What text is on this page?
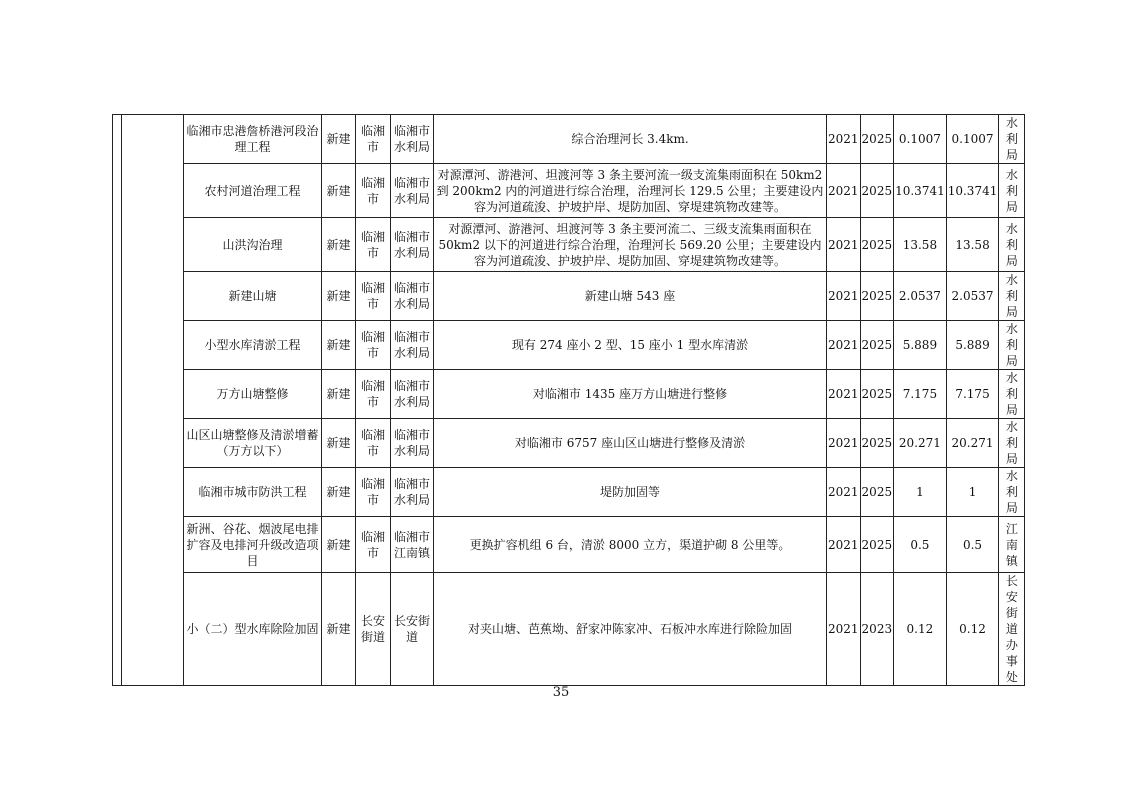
		临湘市忠港詹桥港河段治理工程	新建	临湘市	临湘市水利局	综合治理河长 3.4km.	2021	2025	0.1007	0.1007	水利局
		农村河道治理工程	新建	临湘市	临湘市水利局	对源潭河、游港河、坦渡河等 3 条主要河流一级支流集雨面积在 50km2 到 200km2 内的河道进行综合治理，治理河长 129.5 公里；主要建设内容为河道疏浚、护坡护岸、堤防加固、穿堤建筑物改建等。	2021	2025	10.3741	10.3741	水利局
		山洪沟治理	新建	临湘市	临湘市水利局	对源潭河、游港河、坦渡河等 3 条主要河流二、三级支流集雨面积在 50km2 以下的河道进行综合治理，治理河长 569.20 公里；主要建设内容为河道疏浚、护坡护岸、堤防加固、穿堤建筑物改建等。	2021	2025	13.58	13.58	水利局
		新建山塘	新建	临湘市	临湘市水利局	新建山塘 543 座	2021	2025	2.0537	2.0537	水利局
		小型水库清淤工程	新建	临湘市	临湘市水利局	现有 274 座小 2 型、15 座小 1 型水库清淤	2021	2025	5.889	5.889	水利局
		万方山塘整修	新建	临湘市	临湘市水利局	对临湘市 1435 座万方山塘进行整修	2021	2025	7.175	7.175	水利局
		山区山塘整修及清淤增蓄（万方以下）	新建	临湘市	临湘市水利局	对临湘市 6757 座山区山塘进行整修及清淤	2021	2025	20.271	20.271	水利局
		临湘市城市防洪工程	新建	临湘市	临湘市水利局	堤防加固等	2021	2025	1	1	水利局
		新洲、谷花、烟波尾电排扩容及电排河升级改造项目	新建	临湘市	临湘市江南镇	更换扩容机组 6 台，清淤 8000 立方，渠道护砌 8 公里等。	2021	2025	0.5	0.5	江南镇
		小（二）型水库除险加固	新建	长安街道	长安街道	对夹山塘、芭蕉坳、舒家冲陈家冲、石板冲水库进行除险加固	2021	2023	0.12	0.12	长安街道办事处
35
